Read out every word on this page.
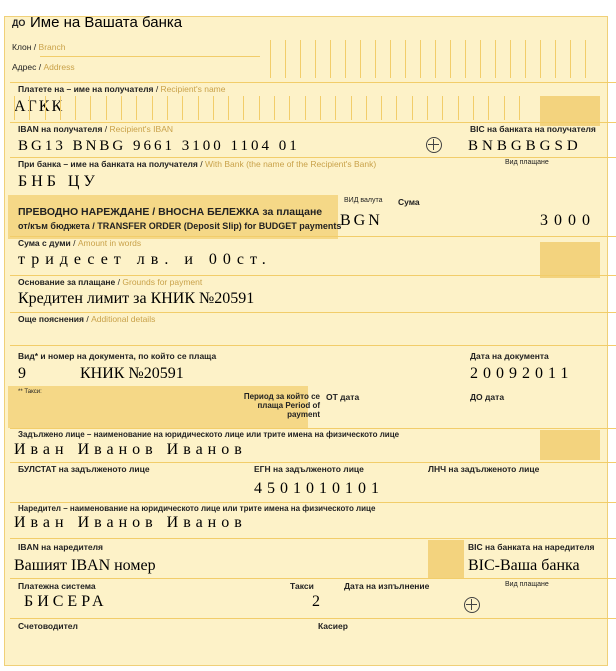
ДО Име на Вашата банка
Клон / Branch
Адрес / Address
Платете на – име на получателя / Recipient's name
АГКК
IBAN на получателя / Recipient's IBAN
BG13 BNBG 9661 3100 1104 01
BIC на банката на получателя
BNBGBGSD
При банка – име на банката на получателя / With Bank (the name of the Recipient's Bank)	Вид плащане
БНБ ЦУ
ПРЕВОДНО НАРЕЖДАНЕ / ВНОСНА БЕЛЕЖКА за плащане
от/към бюджета / TRANSFER ORDER (Deposit Slip) for BUDGET payments
ВИД валута Сума
BGN	3000
Сума с думи / Amount in words
тридесет лв. и 00ст.
Основание за плащане / Grounds for payment
Кредитен лимит за КНИК №20591
Още пояснения / Additional details
Вид* и номер на документа, по който се плаща
9	КНИК №20591
Дата на документа
20092011
** Такси:	Период за който се плаща Period of payment
ОТ дата	ДО дата
Задължено лице – наименование на юридическото лице или трите имена на физическото лице
Иван Иванов Иванов
БУЛСТАТ на задълженото лице	ЕГН на задълженото лице	ЛНЧ на задълженото лице
4501010101
Наредител – наименование на юридическото лице или трите имена на физическото лице
Иван Иванов Иванов
IBAN на наредителя
Вашият IBAN номер
BIC на банката на наредителя
BIC-Ваша банка
Платежна система
БИСЕРА
Такси
2
Дата на изпълнение	Вид плащане
Счетоводител	Касиер
